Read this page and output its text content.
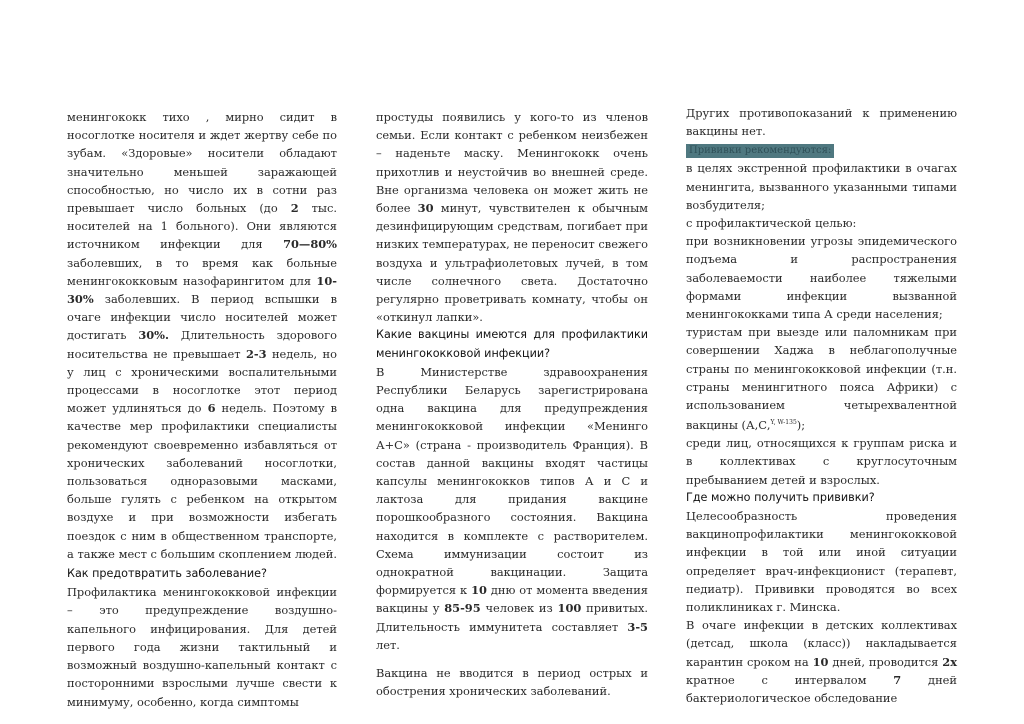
менингококк тихо , мирно сидит в носоглотке носителя и ждет жертву себе по зубам. «Здоровые» носители обладают значительно меньшей заражающей способностью, но число их в сотни раз превышает число больных (до 2 тыс. носителей на 1 больного). Они являются источником инфекции для 70—80% заболевших, в то время как больные менингококковым назофарингитом для 10- 30% заболевших. В период вспышки в очаге инфекции число носителей может достигать 30%. Длительность здорового носительства не превышает 2-3 недель, но у лиц с хроническими воспалительными процессами в носоглотке этот период может удлиняться до 6 недель. Поэтому в качестве мер профилактики специалисты рекомендуют своевременно избавляться от хронических заболеваний носоглотки, пользоваться одноразовыми масками, больше гулять с ребенком на открытом воздухе и при возможности избегать поездок с ним в общественном транспорте, а также мест с большим скоплением людей. Как предотвратить заболевание?

Профилактика менингококковой инфекции – это предупреждение воздушно-капельного инфицирования. Для детей первого года жизни тактильный и возможный воздушно-капельный контакт с посторонними взрослыми лучше свести к минимуму, особенно, когда симптомы

простуды появились у кого-то из членов семьи. Если контакт с ребенком неизбежен – наденьте маску. Менингококк очень прихотлив и неустойчив во внешней среде. Вне организма человека он может жить не более 30 минут, чувствителен к обычным дезинфицирующим средствам, погибает при низких температурах, не переносит свежего воздуха и ультрафиолетовых лучей, в том числе солнечного света. Достаточно регулярно проветривать комнату, чтобы он «откинул лапки».

Какие вакцины имеются для профилактики менингококковой инфекции?

В Министерстве здравоохранения Республики Беларусь зарегистрирована одна вакцина для предупреждения менингококковой инфекции «Менинго А+С» (страна - производитель Франция). В состав данной вакцины входят частицы капсулы менингококков типов А и С и лактоза для придания вакцине порошкообразного состояния. Вакцина находится в комплекте с растворителем. Схема иммунизации состоит из однократной вакцинации. Защита формируется к 10 дню от момента введения вакцины у 85-95 человек из 100 привитых. Длительность иммунитета составляет 3-5 лет.

Вакцина не вводится в период острых и обострения хронических заболеваний.

Других противопоказаний к применению вакцины нет.

Прививки рекомендуются:

в целях экстренной профилактики в очагах менингита, вызванного указанными типами возбудителя;

с профилактической целью:

при возникновении угрозы эпидемического подъема и распространения заболеваемости наиболее тяжелыми формами инфекции вызванной менингококками типа А среди населения;

туристам при выезде или паломникам при совершении Хаджа в неблагополучные страны по менингококковой инфекции (т.н. страны менингитного пояса Африки) с использованием четырехвалентной вакцины (А,С,$^{Y, W-135}$);

среди лиц, относящихся к группам риска и в коллективах с круглосуточным пребыванием детей и взрослых.

Где можно получить прививки?

Целесообразность проведения вакцинопрофилактики менингококковой инфекции в той или иной ситуации определяет врач-инфекционист (терапевт, педиатр). Прививки проводятся во всех поликлиниках г. Минска.

В очаге инфекции в детских коллективах (детсад, школа (класс)) накладывается карантин сроком на 10 дней, проводится 2х кратное с интервалом 7 дней бактериологическое обследование
